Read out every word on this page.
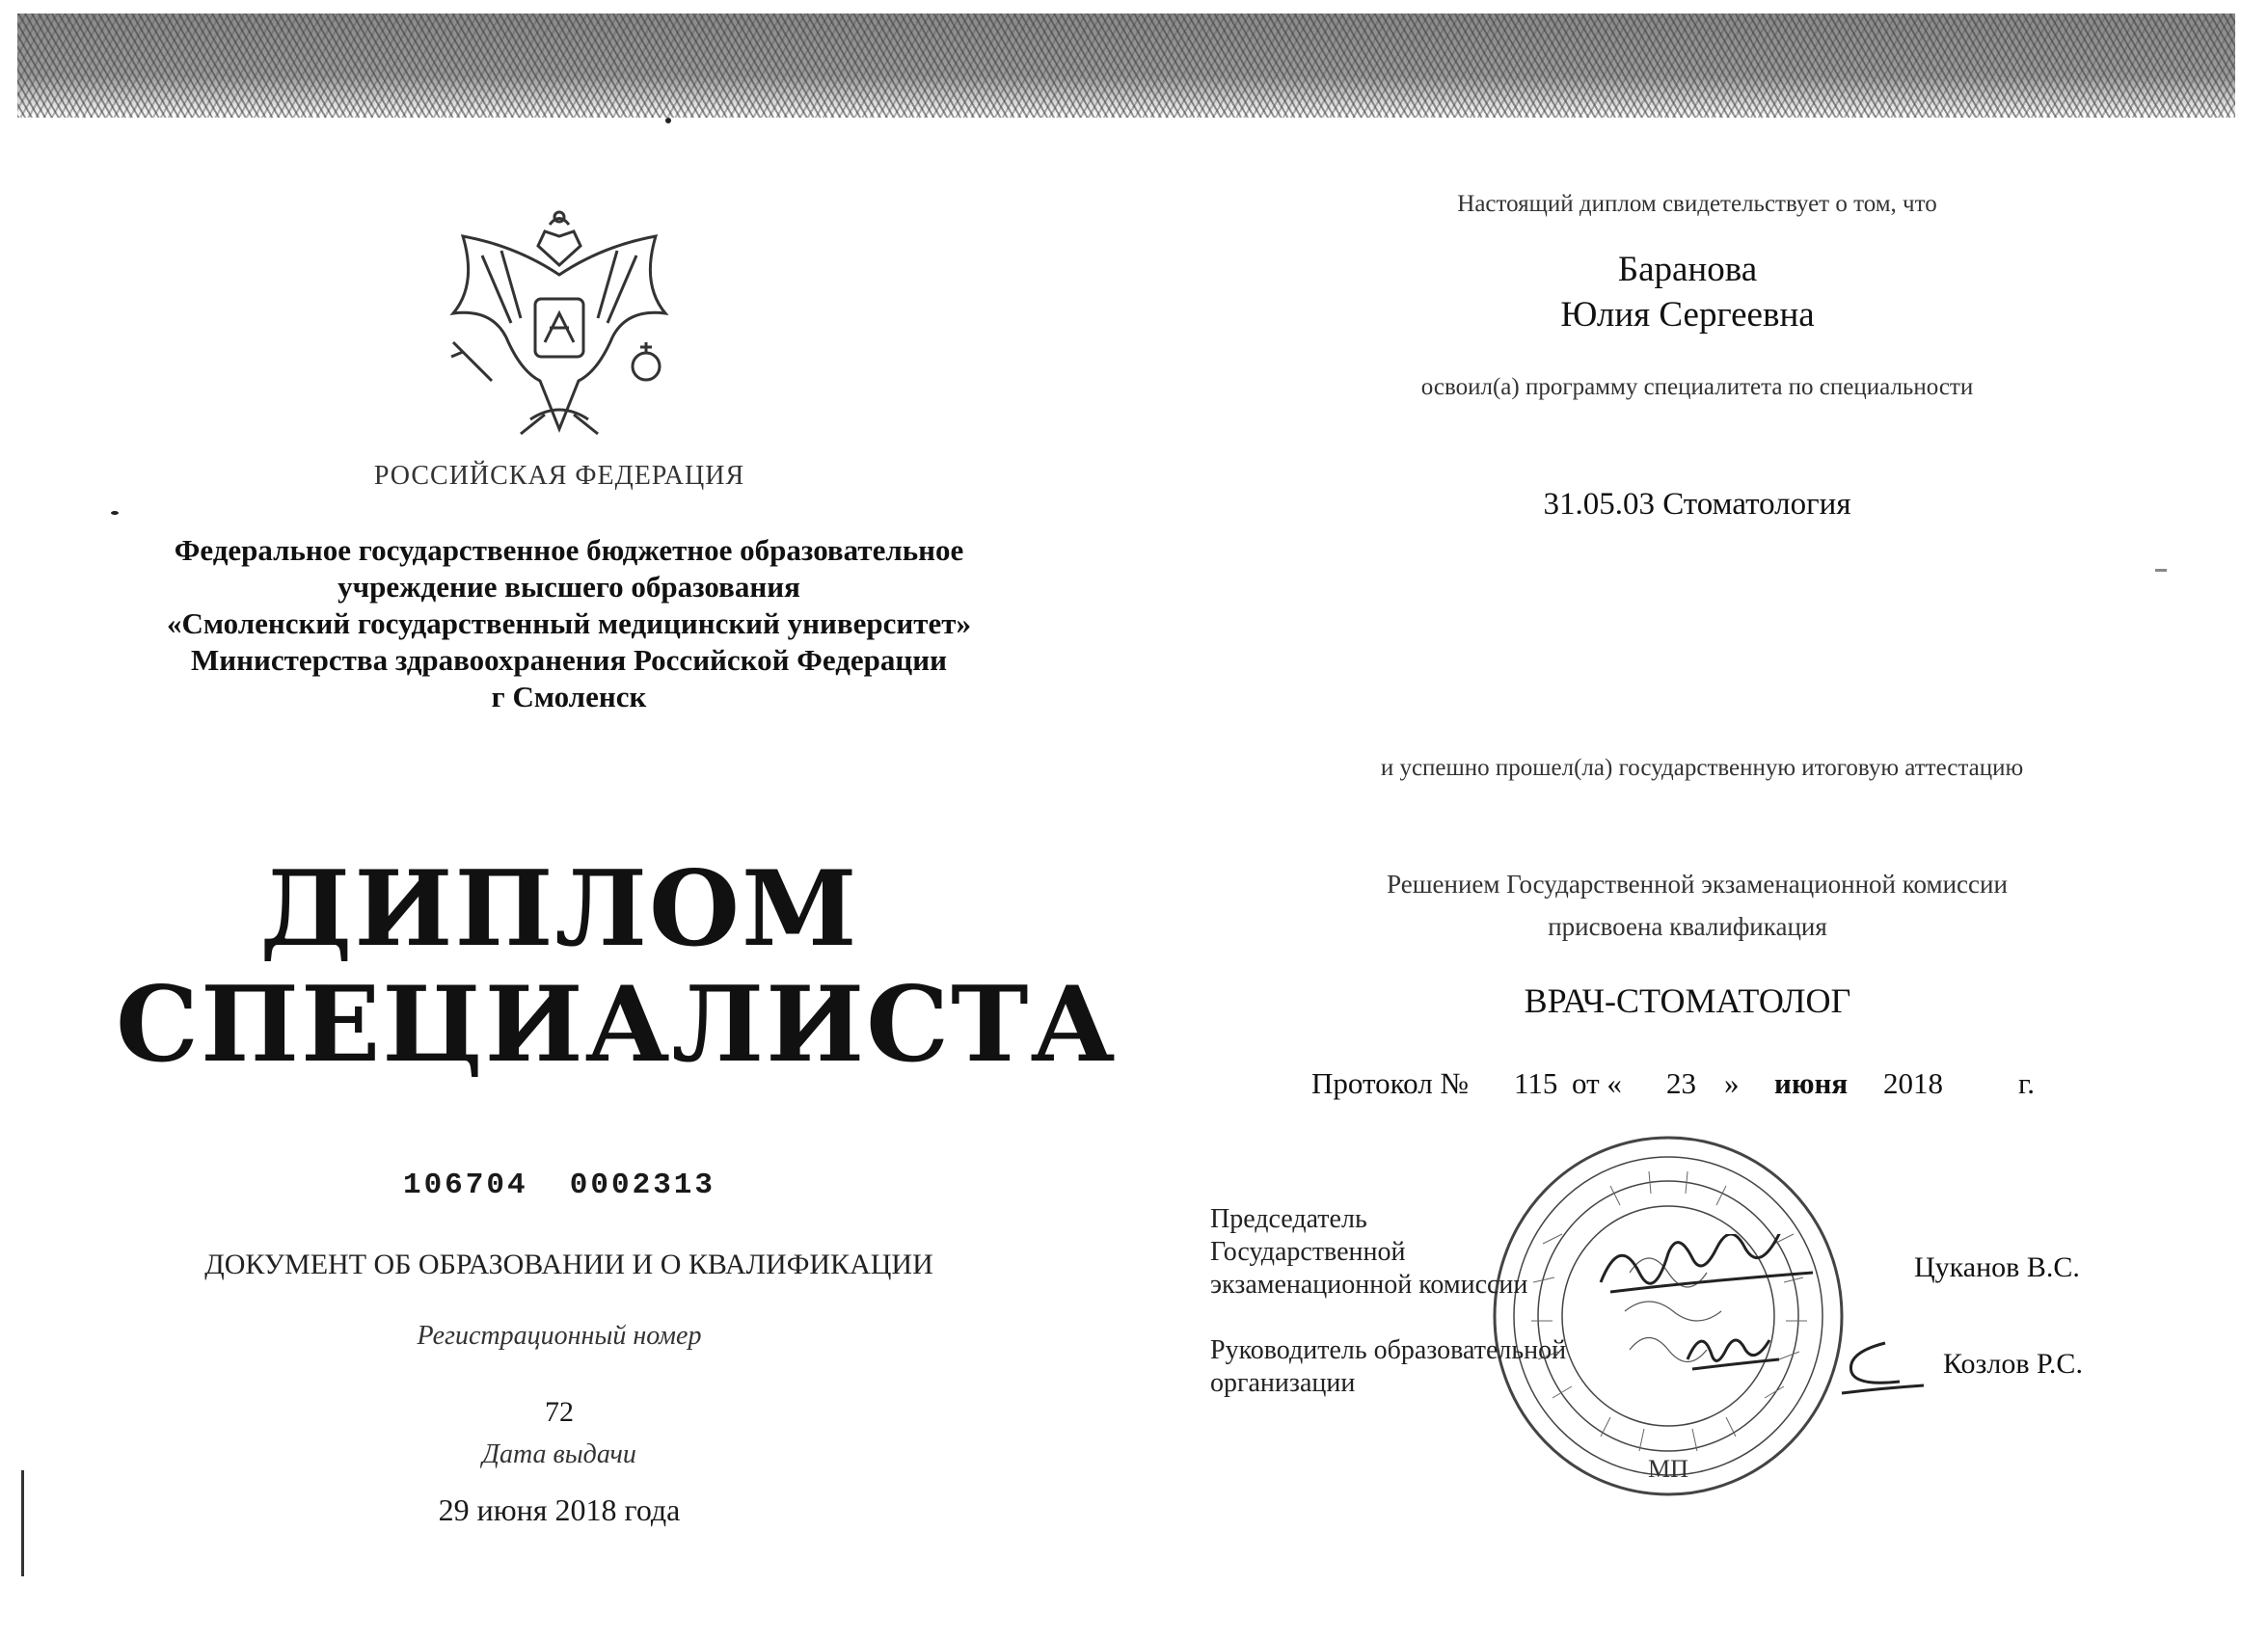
РОССИЙСКАЯ ФЕДЕРАЦИЯ
Федеральное государственное бюджетное образовательное
учреждение высшего образования
«Смоленский государственный медицинский университет»
Министерства здравоохранения Российской Федерации
г Смоленск
ДИПЛОМ
СПЕЦИАЛИСТА
106704  0002313
ДОКУМЕНТ ОБ ОБРАЗОВАНИИ И О КВАЛИФИКАЦИИ
Регистрационный номер
72
Дата выдачи
29 июня 2018 года
Настоящий диплом свидетельствует о том, что
Баранова
Юлия Сергеевна
освоил(а) программу специалитета по специальности
31.05.03 Стоматология
и успешно прошел(ла) государственную итоговую аттестацию
Решением Государственной экзаменационной комиссии
присвоена квалификация
ВРАЧ-СТОМАТОЛОГ
Протокол № 115 от « 23 » июня 2018	г.
МП
Председатель
Государственной
экзаменационной комиссии
Руководитель образовательной
организации
Цуканов В.С.
Козлов Р.С.
